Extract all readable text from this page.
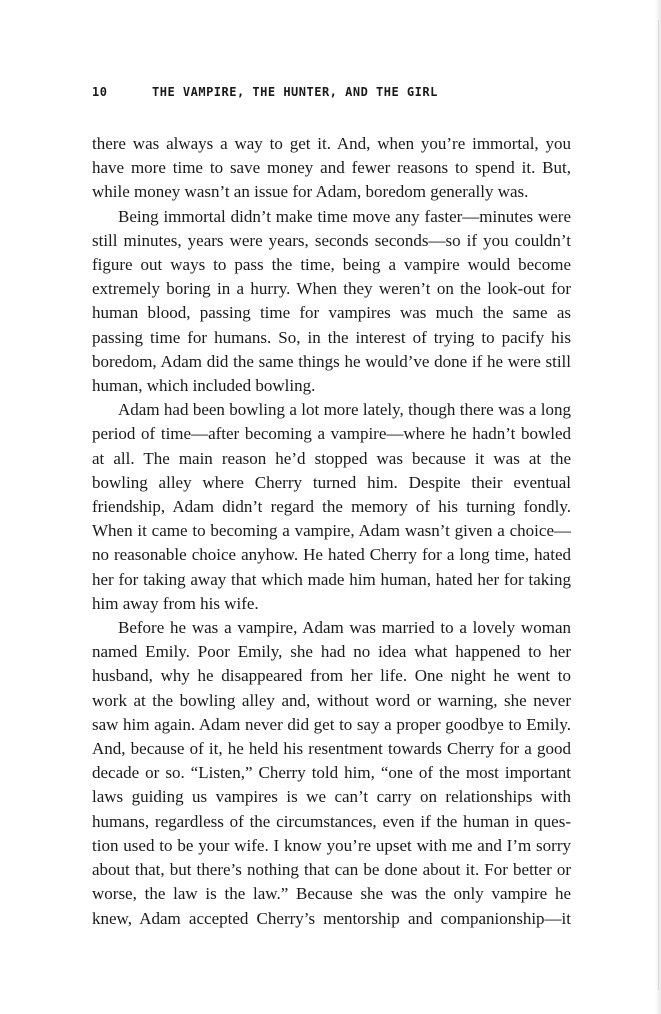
10	THE VAMPIRE, THE HUNTER, AND THE GIRL

there was always a way to get it. And, when you’re immortal, you have more time to save money and fewer reasons to spend it. But, while money wasn’t an issue for Adam, boredom generally was.

Being immortal didn’t make time move any faster—minutes were still minutes, years were years, seconds seconds—so if you couldn’t figure out ways to pass the time, being a vampire would become extremely boring in a hurry. When they weren’t on the look-out for human blood, passing time for vampires was much the same as passing time for humans. So, in the interest of trying to pacify his boredom, Adam did the same things he would’ve done if he were still human, which included bowling.

Adam had been bowling a lot more lately, though there was a long period of time—after becoming a vampire—where he hadn’t bowled at all. The main reason he’d stopped was because it was at the bowling alley where Cherry turned him. Despite their eventual friendship, Adam didn’t regard the memory of his turning fondly. When it came to becoming a vampire, Adam wasn’t given a choice—no reasonable choice anyhow. He hated Cherry for a long time, hated her for taking away that which made him human, hated her for taking him away from his wife.

Before he was a vampire, Adam was married to a lovely woman named Emily. Poor Emily, she had no idea what happened to her husband, why he disappeared from her life. One night he went to work at the bowling alley and, without word or warning, she never saw him again. Adam never did get to say a proper goodbye to Emily. And, because of it, he held his resentment towards Cherry for a good decade or so. “Listen,” Cherry told him, “one of the most important laws guiding us vampires is we can’t carry on relationships with humans, regardless of the circumstances, even if the human in ques-tion used to be your wife. I know you’re upset with me and I’m sorry about that, but there’s nothing that can be done about it. For better or worse, the law is the law.” Because she was the only vampire he knew, Adam accepted Cherry’s mentorship and companionship—it
